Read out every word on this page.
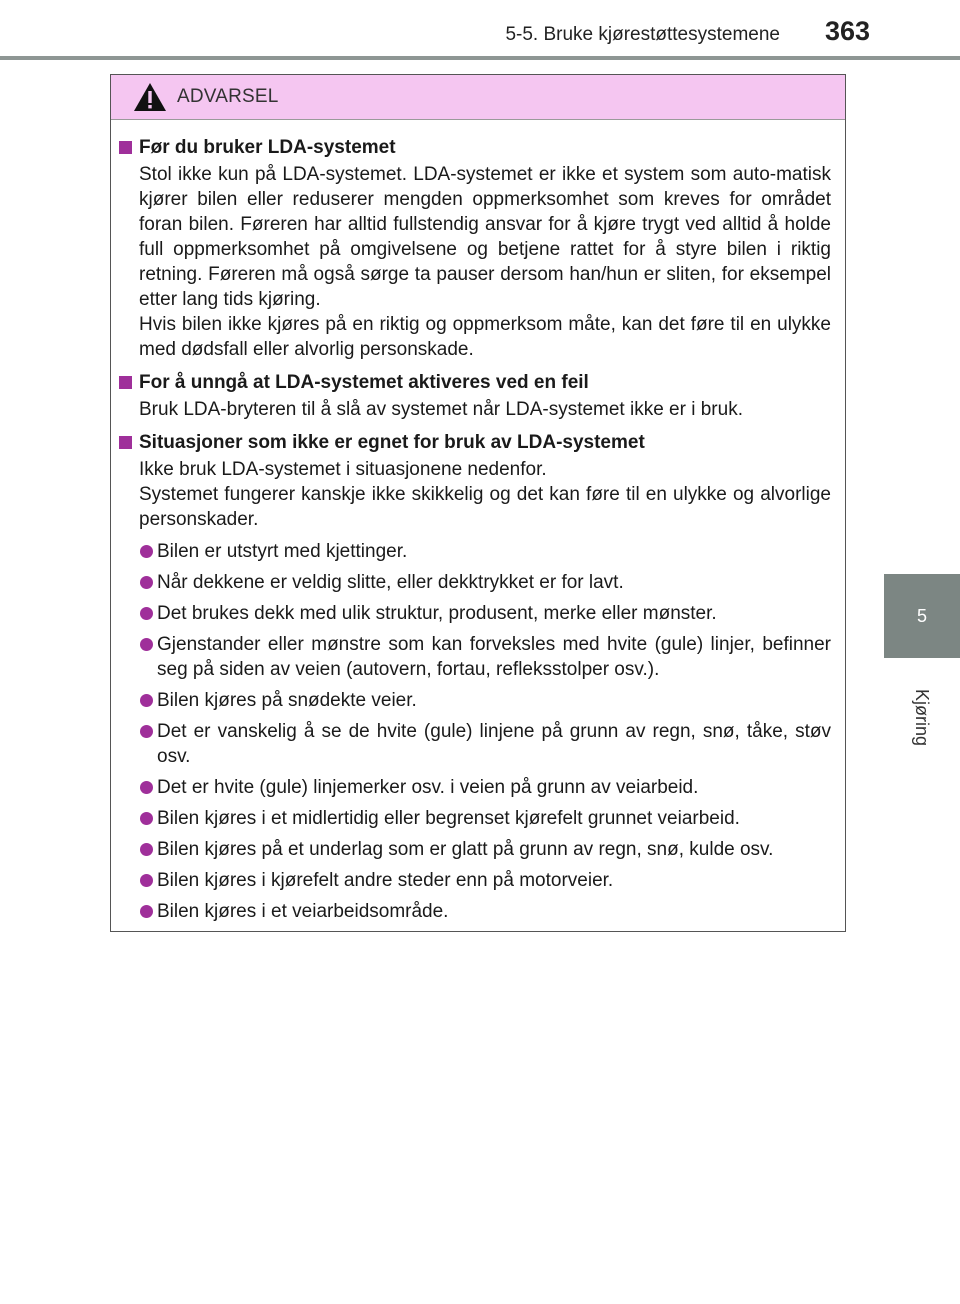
5-5. Bruke kjørestøttesystemene 363
5
Kjøring
ADVARSEL
Før du bruker LDA-systemet
Stol ikke kun på LDA-systemet. LDA-systemet er ikke et system som auto-matisk kjører bilen eller reduserer mengden oppmerksomhet som kreves for området foran bilen. Føreren har alltid fullstendig ansvar for å kjøre trygt ved alltid å holde full oppmerksomhet på omgivelsene og betjene rattet for å styre bilen i riktig retning. Føreren må også sørge ta pauser dersom han/hun er sliten, for eksempel etter lang tids kjøring.
Hvis bilen ikke kjøres på en riktig og oppmerksom måte, kan det føre til en ulykke med dødsfall eller alvorlig personskade.
For å unngå at LDA-systemet aktiveres ved en feil
Bruk LDA-bryteren til å slå av systemet når LDA-systemet ikke er i bruk.
Situasjoner som ikke er egnet for bruk av LDA-systemet
Ikke bruk LDA-systemet i situasjonene nedenfor.
Systemet fungerer kanskje ikke skikkelig og det kan føre til en ulykke og alvorlige personskader.
Bilen er utstyrt med kjettinger.
Når dekkene er veldig slitte, eller dekktrykket er for lavt.
Det brukes dekk med ulik struktur, produsent, merke eller mønster.
Gjenstander eller mønstre som kan forveksles med hvite (gule) linjer, befinner seg på siden av veien (autovern, fortau, refleksstolper osv.).
Bilen kjøres på snødekte veier.
Det er vanskelig å se de hvite (gule) linjene på grunn av regn, snø, tåke, støv osv.
Det er hvite (gule) linjemerker osv. i veien på grunn av veiarbeid.
Bilen kjøres i et midlertidig eller begrenset kjørefelt grunnet veiarbeid.
Bilen kjøres på et underlag som er glatt på grunn av regn, snø, kulde osv.
Bilen kjøres i kjørefelt andre steder enn på motorveier.
Bilen kjøres i et veiarbeidsområde.
